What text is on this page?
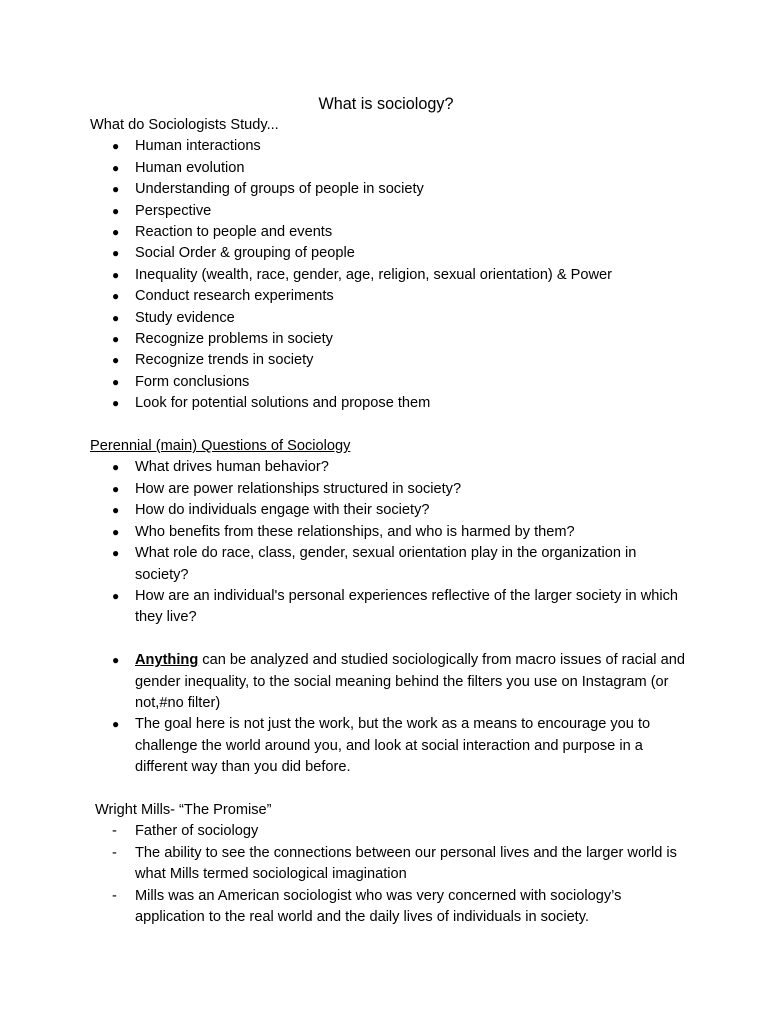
What is sociology?
What do Sociologists Study...
● Human interactions
● Human evolution
● Understanding of groups of people in society
● Perspective
● Reaction to people and events
● Social Order & grouping of people
● Inequality (wealth, race, gender, age, religion, sexual orientation) & Power
● Conduct research experiments
● Study evidence
● Recognize problems in society
● Recognize trends in society
● Form conclusions
● Look for potential solutions and propose them
Perennial (main) Questions of Sociology
● What drives human behavior?
● How are power relationships structured in society?
● How do individuals engage with their society?
● Who benefits from these relationships, and who is harmed by them?
● What role do race, class, gender, sexual orientation play in the organization in society?
● How are an individual's personal experiences reflective of the larger society in which they live?
● Anything can be analyzed and studied sociologically from macro issues of racial and gender inequality, to the social meaning behind the filters you use on Instagram (or not,#no filter)
● The goal here is not just the work, but the work as a means to encourage you to challenge the world around you, and look at social interaction and purpose in a different way than you did before.
Wright Mills- “The Promise”
- Father of sociology
- The ability to see the connections between our personal lives and the larger world is what Mills termed sociological imagination
- Mills was an American sociologist who was very concerned with sociology’s application to the real world and the daily lives of individuals in society.
